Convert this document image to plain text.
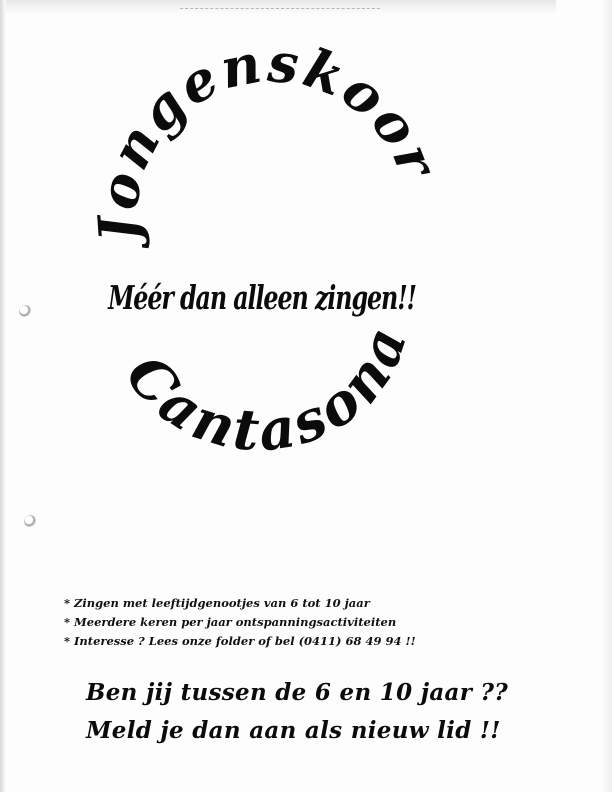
Jongenskoor
Cantasona
Méér dan alleen zingen!!
* Zingen met leeftijdgenootjes van 6 tot 10 jaar
* Meerdere keren per jaar ontspanningsactiviteiten
* Interesse ? Lees onze folder of bel (0411) 68 49 94 !!
Ben jij tussen de 6 en 10 jaar ??
Meld je dan aan als nieuw lid !!
